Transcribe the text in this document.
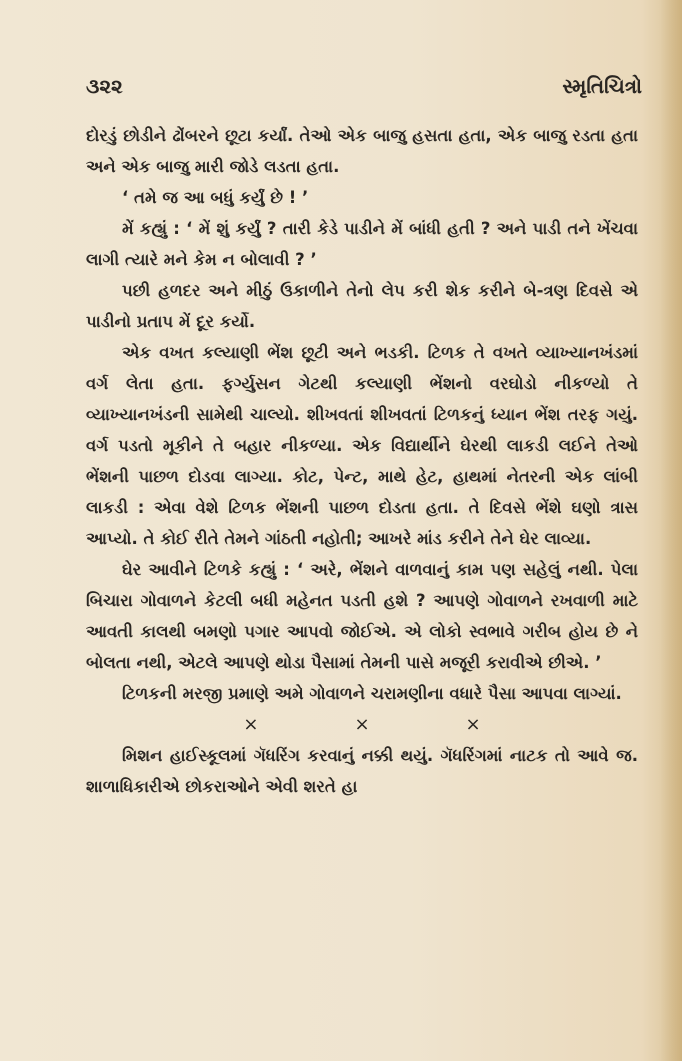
૩૨૨	સ્મૃતિચિત્રો

દોરડું છોડીને ઢોંબરને છૂટા કર્યાં. તેઓ એક બાજુ હસતા હતા, એક બાજુ રડતા હતા અને એક બાજુ મારી જોડે લડતા હતા.

‘ તમે જ આ બધું કર્યું છે ! ’

મેં કહ્યું : ‘ મેં શું કર્યું ? તારી કેડે પાડીને મેં બાંધી હતી ? અને પાડી તને ખેંચવા લાગી ત્યારે મને કેમ ન બોલાવી ? ’

પછી હળદર અને મીઠું ઉકાળીને તેનો લેપ કરી શેક કરીને બે-ત્રણ દિવસે એ પાડીનો પ્રતાપ મેં દૂર કર્યો.

એક વખત કલ્યાણી ભેંશ છૂટી અને ભડકી. ટિળક તે વખતે વ્યાખ્યાનખંડમાં વર્ગ લેતા હતા. ફર્ગ્યુસન ગેટથી કલ્યાણી ભેંશનો વરઘોડો નીકળ્યો તે વ્યાખ્યાનખંડની સામેથી ચાલ્યો. શીખવતાં શીખવતાં ટિળકનું ધ્યાન ભેંશ તરફ ગયું. વર્ગ પડતો મૂકીને તે બહાર નીકળ્યા. એક વિદ્યાર્થીને ઘેરથી લાકડી લઈને તેઓ ભેંશની પાછળ દોડવા લાગ્યા. કોટ, પેન્ટ, માથે હેટ, હાથમાં નેતરની એક લાંબી લાકડી : એવા વેશે ટિળક ભેંશની પાછળ દોડતા હતા. તે દિવસે ભેંશે ઘણો ત્રાસ આપ્યો. તે કોઈ રીતે તેમને ગાંઠતી નહોતી; આખરે માંડ કરીને તેને ઘેર લાવ્યા.

ઘેર આવીને ટિળકે કહ્યું : ‘ અરે, ભેંશને વાળવાનું કામ પણ સહેલું નથી. પેલા બિચારા ગોવાળને કેટલી બધી મહેનત પડતી હશે ? આપણે ગોવાળને રખવાળી માટે આવતી કાલથી બમણો પગાર આપવો જોઈએ. એ લોકો સ્વભાવે ગરીબ હોય છે ને બોલતા નથી, એટલે આપણે થોડા પૈસામાં તેમની પાસે મજૂરી કરાવીએ છીએ. ’

ટિળકની મરજી પ્રમાણે અમે ગોવાળને ચરામણીના વધારે પૈસા આપવા લાગ્યાં.

×	×	×

મિશન હાઈસ્કૂલમાં ગૅધરિંગ કરવાનું નક્કી થયું. ગૅધરિંગમાં નાટક તો આવે જ. શાળાધિકારીએ છોકરાઓને એવી શરતે હા
